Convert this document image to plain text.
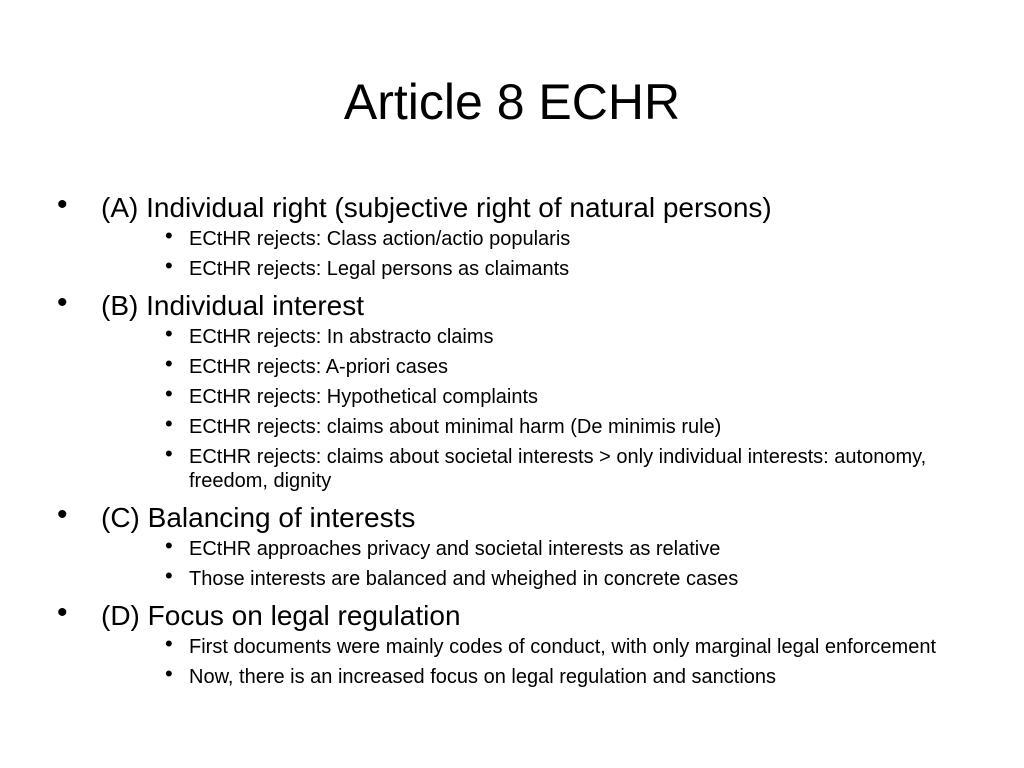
Article 8 ECHR
• (A) Individual right (subjective right of natural persons)
• ECtHR rejects: Class action/actio popularis
• ECtHR rejects: Legal persons as claimants
• (B) Individual interest
• ECtHR rejects: In abstracto claims
• ECtHR rejects: A-priori cases
• ECtHR rejects: Hypothetical complaints
• ECtHR rejects: claims about minimal harm (De minimis rule)
• ECtHR rejects: claims about societal interests > only individual interests: autonomy, freedom, dignity
• (C) Balancing of interests
• ECtHR approaches privacy and societal interests as relative
• Those interests are balanced and wheighed in concrete cases
• (D) Focus on legal regulation
• First documents were mainly codes of conduct, with only marginal legal enforcement
• Now, there is an increased focus on legal regulation and sanctions
